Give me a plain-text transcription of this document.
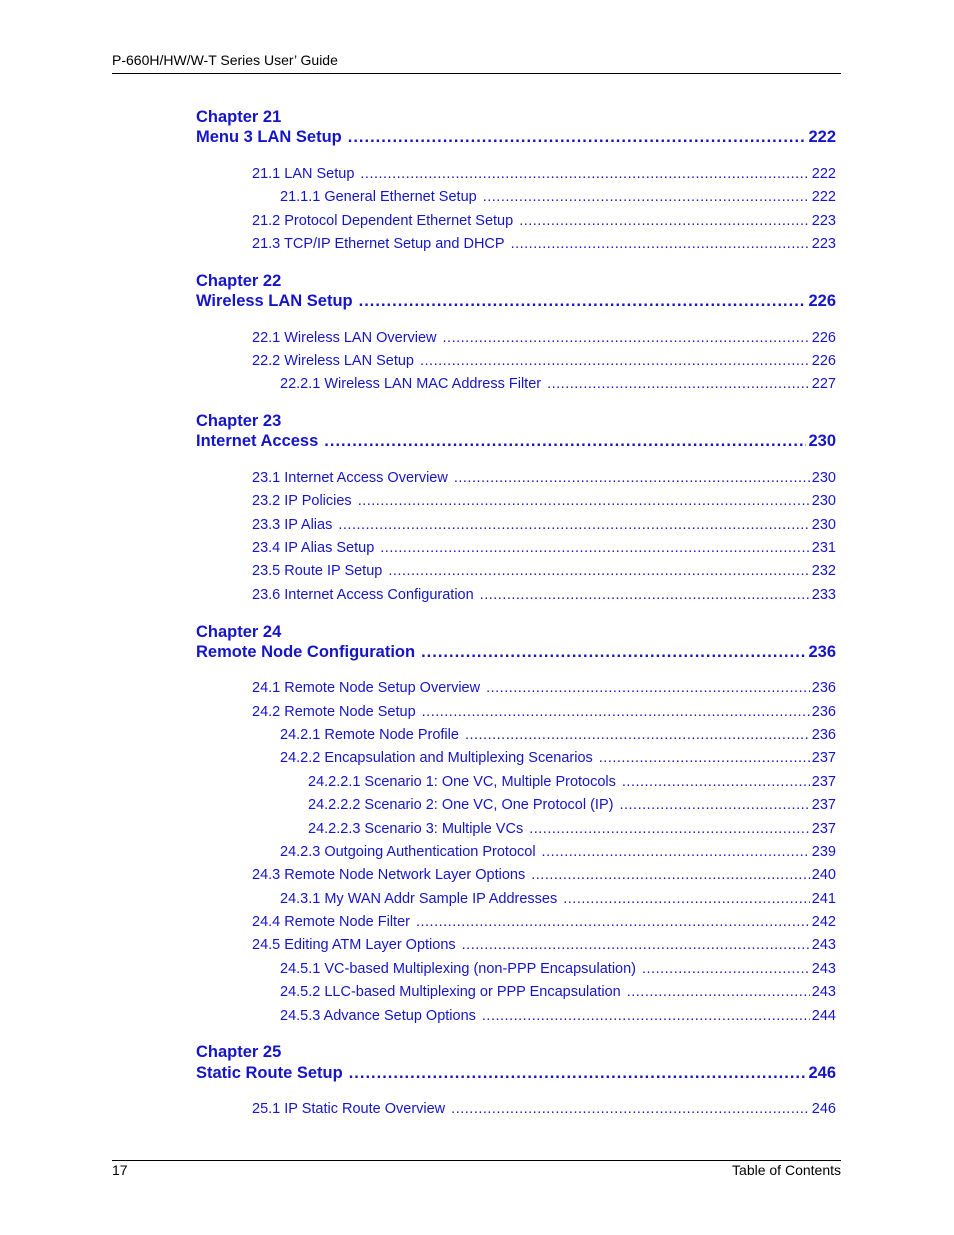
P-660H/HW/W-T Series User’ Guide
Chapter 21
Menu 3 LAN Setup .....	222
21.1 LAN Setup .....	222
21.1.1 General Ethernet Setup .....	222
21.2 Protocol Dependent Ethernet Setup .....	223
21.3 TCP/IP Ethernet Setup and DHCP .....	223
Chapter 22
Wireless LAN Setup .....	226
22.1 Wireless LAN Overview .....	226
22.2 Wireless LAN Setup .....	226
22.2.1 Wireless LAN MAC Address Filter .....	227
Chapter 23
Internet Access .....	230
23.1 Internet Access Overview .....	230
23.2 IP Policies .....	230
23.3 IP Alias .....	230
23.4 IP Alias Setup .....	231
23.5 Route IP Setup .....	232
23.6 Internet Access Configuration .....	233
Chapter 24
Remote Node Configuration .....	236
24.1 Remote Node Setup Overview .....	236
24.2 Remote Node Setup .....	236
24.2.1 Remote Node Profile .....	236
24.2.2 Encapsulation and Multiplexing Scenarios .....	237
24.2.2.1 Scenario 1: One VC, Multiple Protocols .....	237
24.2.2.2 Scenario 2: One VC, One Protocol (IP) .....	237
24.2.2.3 Scenario 3: Multiple VCs .....	237
24.2.3 Outgoing Authentication Protocol .....	239
24.3 Remote Node Network Layer Options .....	240
24.3.1 My WAN Addr Sample IP Addresses .....	241
24.4 Remote Node Filter .....	242
24.5 Editing ATM Layer Options .....	243
24.5.1 VC-based Multiplexing (non-PPP Encapsulation) .....	243
24.5.2 LLC-based Multiplexing or PPP Encapsulation .....	243
24.5.3 Advance Setup Options .....	244
Chapter 25
Static Route Setup .....	246
25.1 IP Static Route Overview .....	246
17	Table of Contents
